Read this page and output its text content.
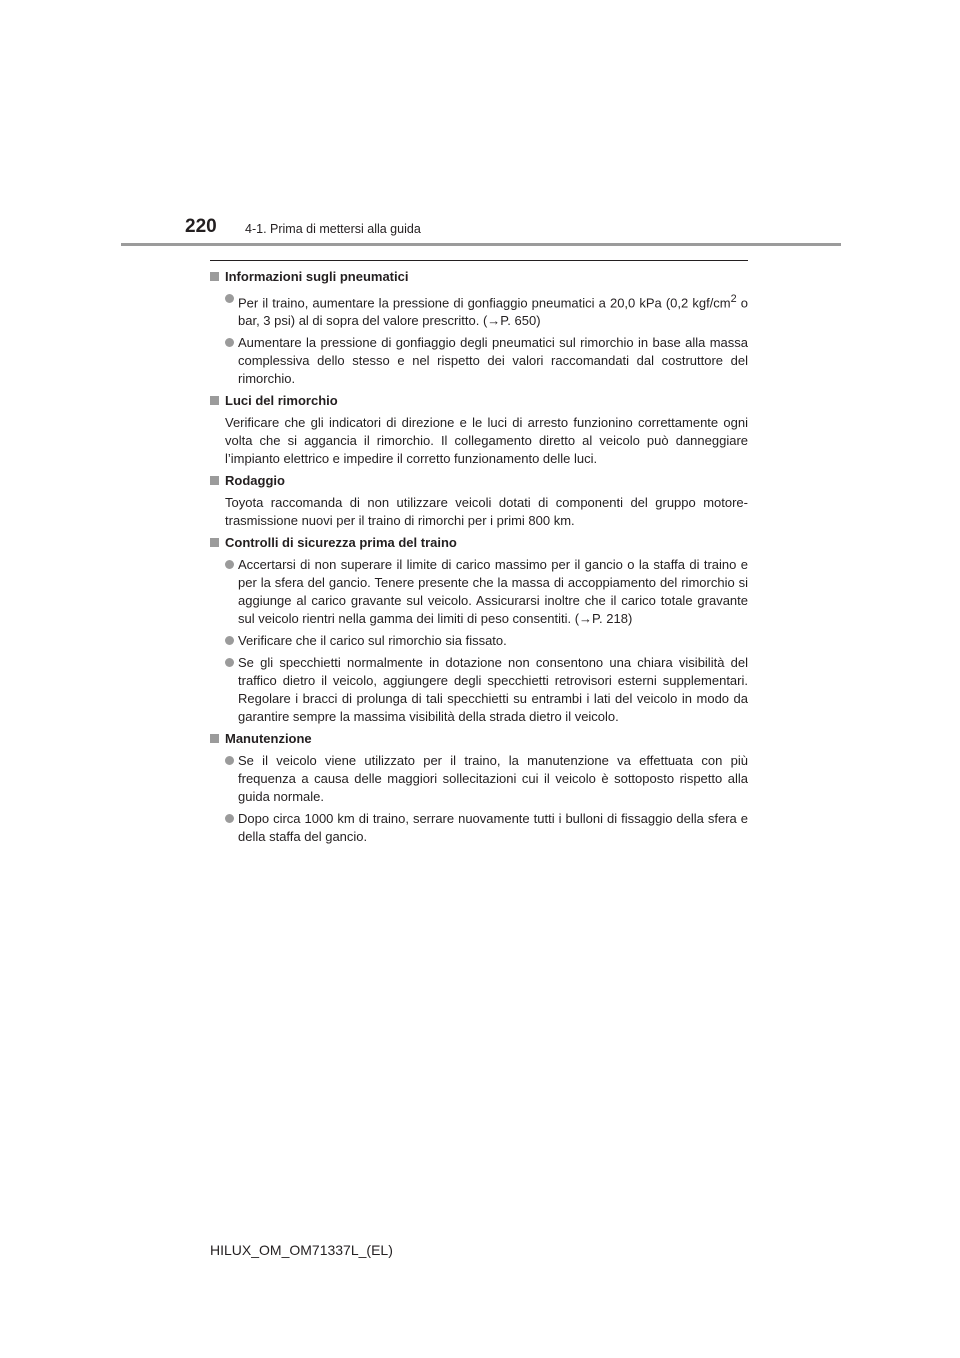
220 4-1. Prima di mettersi alla guida

Informazioni sugli pneumatici

Per il traino, aumentare la pressione di gonfiaggio pneumatici a 20,0 kPa (0,2 kgf/$cm^2$ o bar, 3 psi) al di sopra del valore prescritto. (→P. 650)

Aumentare la pressione di gonfiaggio degli pneumatici sul rimorchio in base alla massa complessiva dello stesso e nel rispetto dei valori raccomandati dal costruttore del rimorchio.

Luci del rimorchio

Verificare che gli indicatori di direzione e le luci di arresto funzionino correttamente ogni volta che si aggancia il rimorchio. Il collegamento diretto al veicolo può danneggiare l’impianto elettrico e impedire il corretto funzionamento delle luci.

Rodaggio

Toyota raccomanda di non utilizzare veicoli dotati di componenti del gruppo motore-trasmissione nuovi per il traino di rimorchi per i primi 800 km.

Controlli di sicurezza prima del traino

Accertarsi di non superare il limite di carico massimo per il gancio o la staffa di traino e per la sfera del gancio. Tenere presente che la massa di accoppiamento del rimorchio si aggiunge al carico gravante sul veicolo. Assicurarsi inoltre che il carico totale gravante sul veicolo rientri nella gamma dei limiti di peso consentiti. (→P. 218)

Verificare che il carico sul rimorchio sia fissato.

Se gli specchietti normalmente in dotazione non consentono una chiara visibilità del traffico dietro il veicolo, aggiungere degli specchietti retrovisori esterni supplementari. Regolare i bracci di prolunga di tali specchietti su entrambi i lati del veicolo in modo da garantire sempre la massima visibilità della strada dietro il veicolo.

Manutenzione

Se il veicolo viene utilizzato per il traino, la manutenzione va effettuata con più frequenza a causa delle maggiori sollecitazioni cui il veicolo è sottoposto rispetto alla guida normale.

Dopo circa 1000 km di traino, serrare nuovamente tutti i bulloni di fissaggio della sfera e della staffa del gancio.

HILUX_OM_OM71337L_(EL)
